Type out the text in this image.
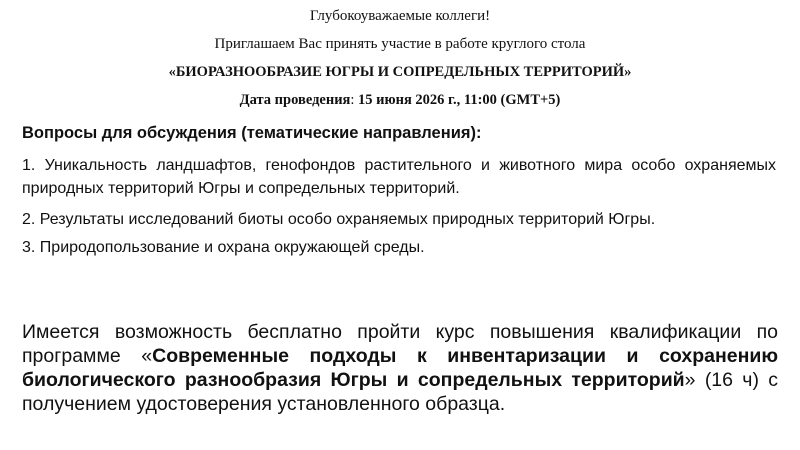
Глубокоуважаемые коллеги!
Приглашаем Вас принять участие в работе круглого стола
«БИОРАЗНООБРАЗИЕ ЮГРЫ И СОПРЕДЕЛЬНЫХ ТЕРРИТОРИЙ»
Дата проведения: 15 июня 2026 г., 11:00 (GMT+5)
Вопросы для обсуждения (тематические направления):
1. Уникальность ландшафтов, генофондов растительного и животного мира особо охраняемых природных территорий Югры и сопредельных территорий.
2. Результаты исследований биоты особо охраняемых природных территорий Югры.
3. Природопользование и охрана окружающей среды.
Имеется возможность бесплатно пройти курс повышения квалификации по программе «Современные подходы к инвентаризации и сохранению биологического разнообразия Югры и сопредельных территорий» (16 ч) с получением удостоверения установленного образца.
